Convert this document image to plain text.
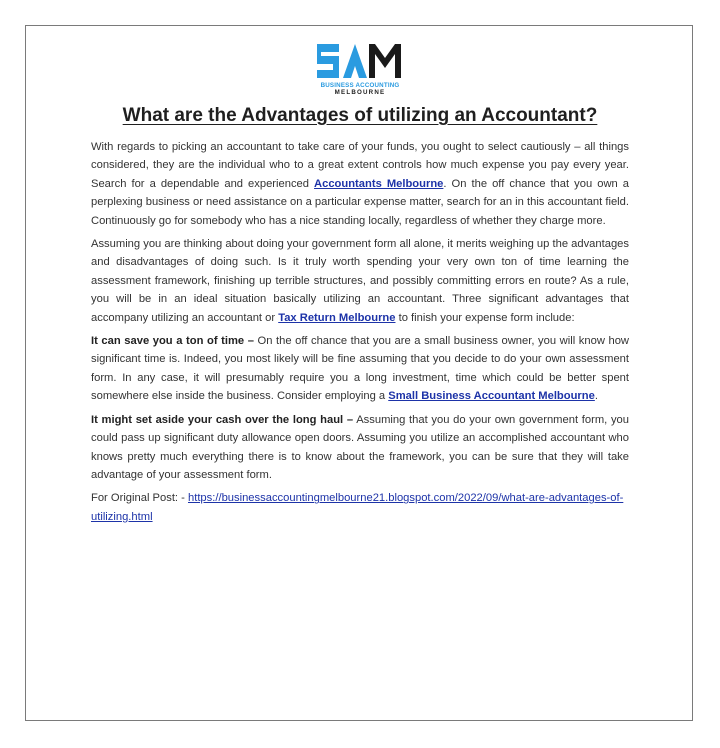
BUSINESS ACCOUNTING
MELBOURNE
What are the Advantages of utilizing an Accountant?

With regards to picking an accountant to take care of your funds, you ought to select cautiously – all things considered, they are the individual who to a great extent controls how much expense you pay every year. Search for a dependable and experienced Accountants Melbourne. On the off chance that you own a perplexing business or need assistance on a particular expense matter, search for an in this accountant field. Continuously go for somebody who has a nice standing locally, regardless of whether they charge more.

Assuming you are thinking about doing your government form all alone, it merits weighing up the advantages and disadvantages of doing such. Is it truly worth spending your very own ton of time learning the assessment framework, finishing up terrible structures, and possibly committing errors en route? As a rule, you will be in an ideal situation basically utilizing an accountant. Three significant advantages that accompany utilizing an accountant or Tax Return Melbourne to finish your expense form include:

It can save you a ton of time – On the off chance that you are a small business owner, you will know how significant time is. Indeed, you most likely will be fine assuming that you decide to do your own assessment form. In any case, it will presumably require you a long investment, time which could be better spent somewhere else inside the business. Consider employing a Small Business Accountant Melbourne.

It might set aside your cash over the long haul – Assuming that you do your own government form, you could pass up significant duty allowance open doors. Assuming you utilize an accomplished accountant who knows pretty much everything there is to know about the framework, you can be sure that they will take advantage of your assessment form.

For Original Post: - https://businessaccountingmelbourne21.blogspot.com/2022/09/what-are-advantages-of-utilizing.html
